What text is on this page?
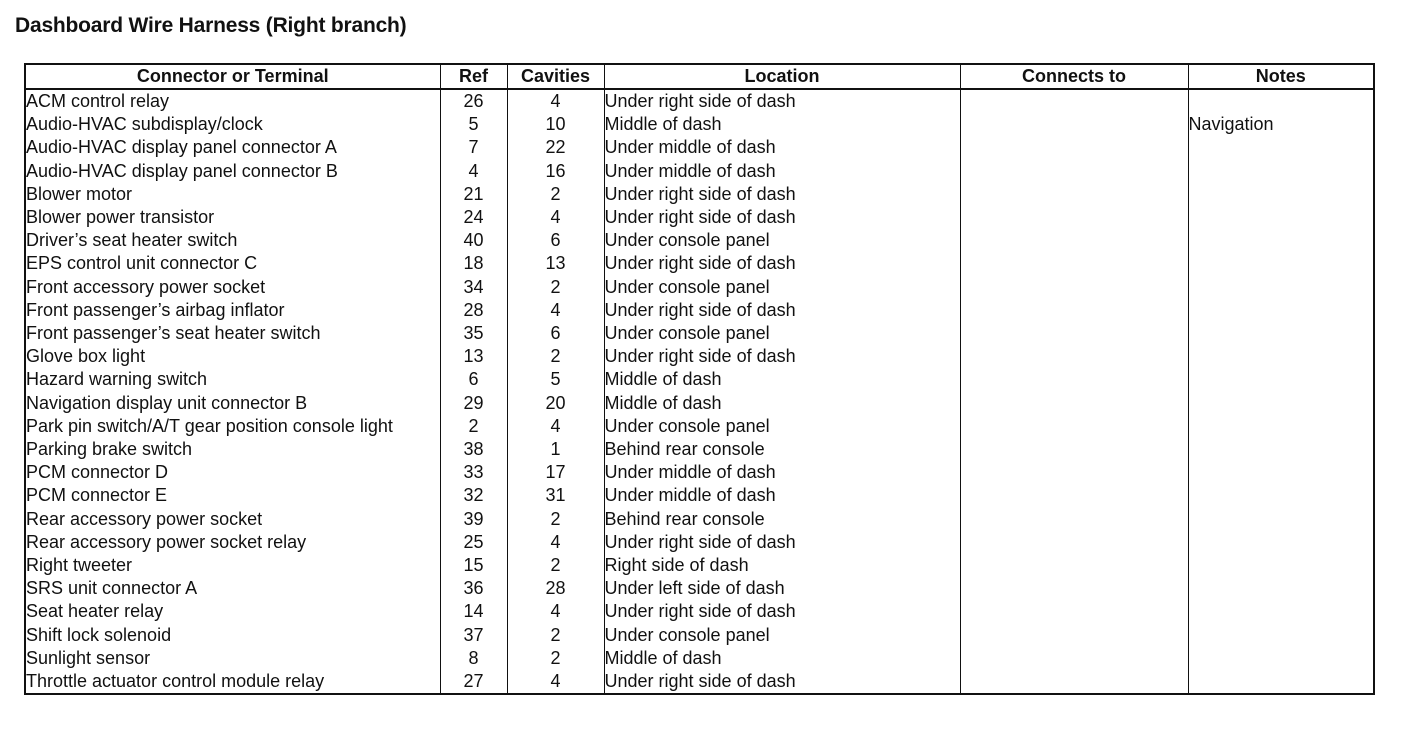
Dashboard Wire Harness (Right branch)
Connector or Terminal	Ref	Cavities	Location	Connects to	Notes
ACM control relay	26	4	Under right side of dash		
Audio-HVAC subdisplay/clock	5	10	Middle of dash		Navigation
Audio-HVAC display panel connector A	7	22	Under middle of dash		
Audio-HVAC display panel connector B	4	16	Under middle of dash		
Blower motor	21	2	Under right side of dash		
Blower power transistor	24	4	Under right side of dash		
Driver’s seat heater switch	40	6	Under console panel		
EPS control unit connector C	18	13	Under right side of dash		
Front accessory power socket	34	2	Under console panel		
Front passenger’s airbag inflator	28	4	Under right side of dash		
Front passenger’s seat heater switch	35	6	Under console panel		
Glove box light	13	2	Under right side of dash		
Hazard warning switch	6	5	Middle of dash		
Navigation display unit connector B	29	20	Middle of dash		
Park pin switch/A/T gear position console light	2	4	Under console panel		
Parking brake switch	38	1	Behind rear console		
PCM connector D	33	17	Under middle of dash		
PCM connector E	32	31	Under middle of dash		
Rear accessory power socket	39	2	Behind rear console		
Rear accessory power socket relay	25	4	Under right side of dash		
Right tweeter	15	2	Right side of dash		
SRS unit connector A	36	28	Under left side of dash		
Seat heater relay	14	4	Under right side of dash		
Shift lock solenoid	37	2	Under console panel		
Sunlight sensor	8	2	Middle of dash		
Throttle actuator control module relay	27	4	Under right side of dash		
